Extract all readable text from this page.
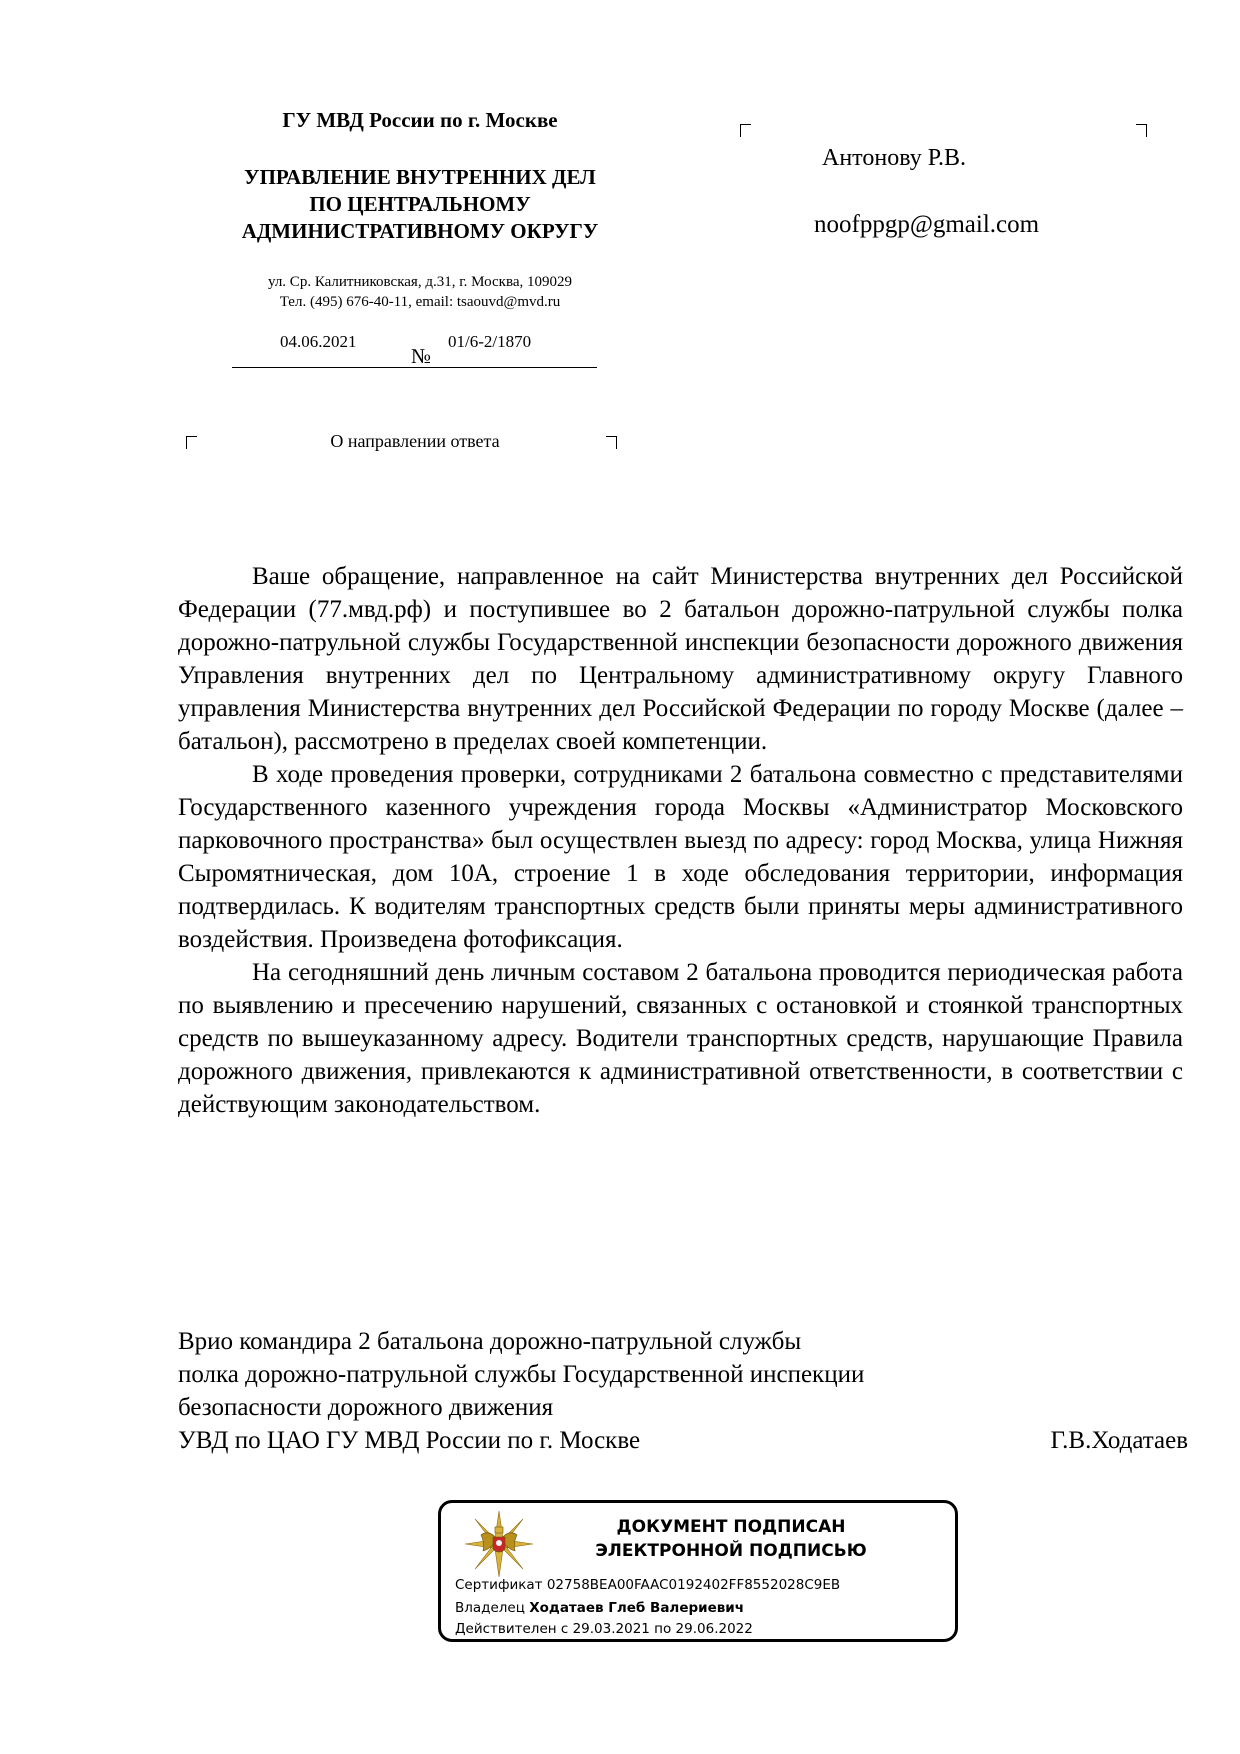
ГУ МВД России по г. Москве
УПРАВЛЕНИЕ ВНУТРЕННИХ ДЕЛ
ПО ЦЕНТРАЛЬНОМУ
АДМИНИСТРАТИВНОМУ ОКРУГУ
ул. Ср. Калитниковская, д.31, г. Москва, 109029
Тел. (495) 676-40-11, email: tsaouvd@mvd.ru
04.06.2021
№
01/6-2/1870
О направлении ответа
Антонову Р.В.
noofppgp@gmail.com

Ваше обращение, направленное на сайт Министерства внутренних дел Российской Федерации (77.мвд.рф) и поступившее во 2 батальон дорожно-патрульной службы полка дорожно-патрульной службы Государственной инспекции безопасности дорожного движения Управления внутренних дел по Центральному административному округу Главного управления Министерства внутренних дел Российской Федерации по городу Москве (далее – батальон), рассмотрено в пределах своей компетенции.

В ходе проведения проверки, сотрудниками 2 батальона совместно с представителями Государственного казенного учреждения города Москвы «Администратор Московского парковочного пространства» был осуществлен выезд по адресу: город Москва, улица Нижняя Сыромятническая, дом 10А, строение 1 в ходе обследования территории, информация подтвердилась. К водителям транспортных средств были приняты меры административного воздействия. Произведена фотофиксация.

На сегодняшний день личным составом 2 батальона проводится периодическая работа по выявлению и пресечению нарушений, связанных с остановкой и стоянкой транспортных средств по вышеуказанному адресу. Водители транспортных средств, нарушающие Правила дорожного движения, привлекаются к административной ответственности, в соответствии с действующим законодательством.

Врио командира 2 батальона дорожно-патрульной службы
полка дорожно-патрульной службы Государственной инспекции
безопасности дорожного движения
УВД по ЦАО ГУ МВД России по г. Москве	Г.В.Ходатаев
ДОКУМЕНТ ПОДПИСАН
ЭЛЕКТРОННОЙ ПОДПИСЬЮ
Сертификат 02758BEA00FAAC0192402FF8552028C9EB
Владелец Ходатаев Глеб Валериевич
Действителен с 29.03.2021 по 29.06.2022
